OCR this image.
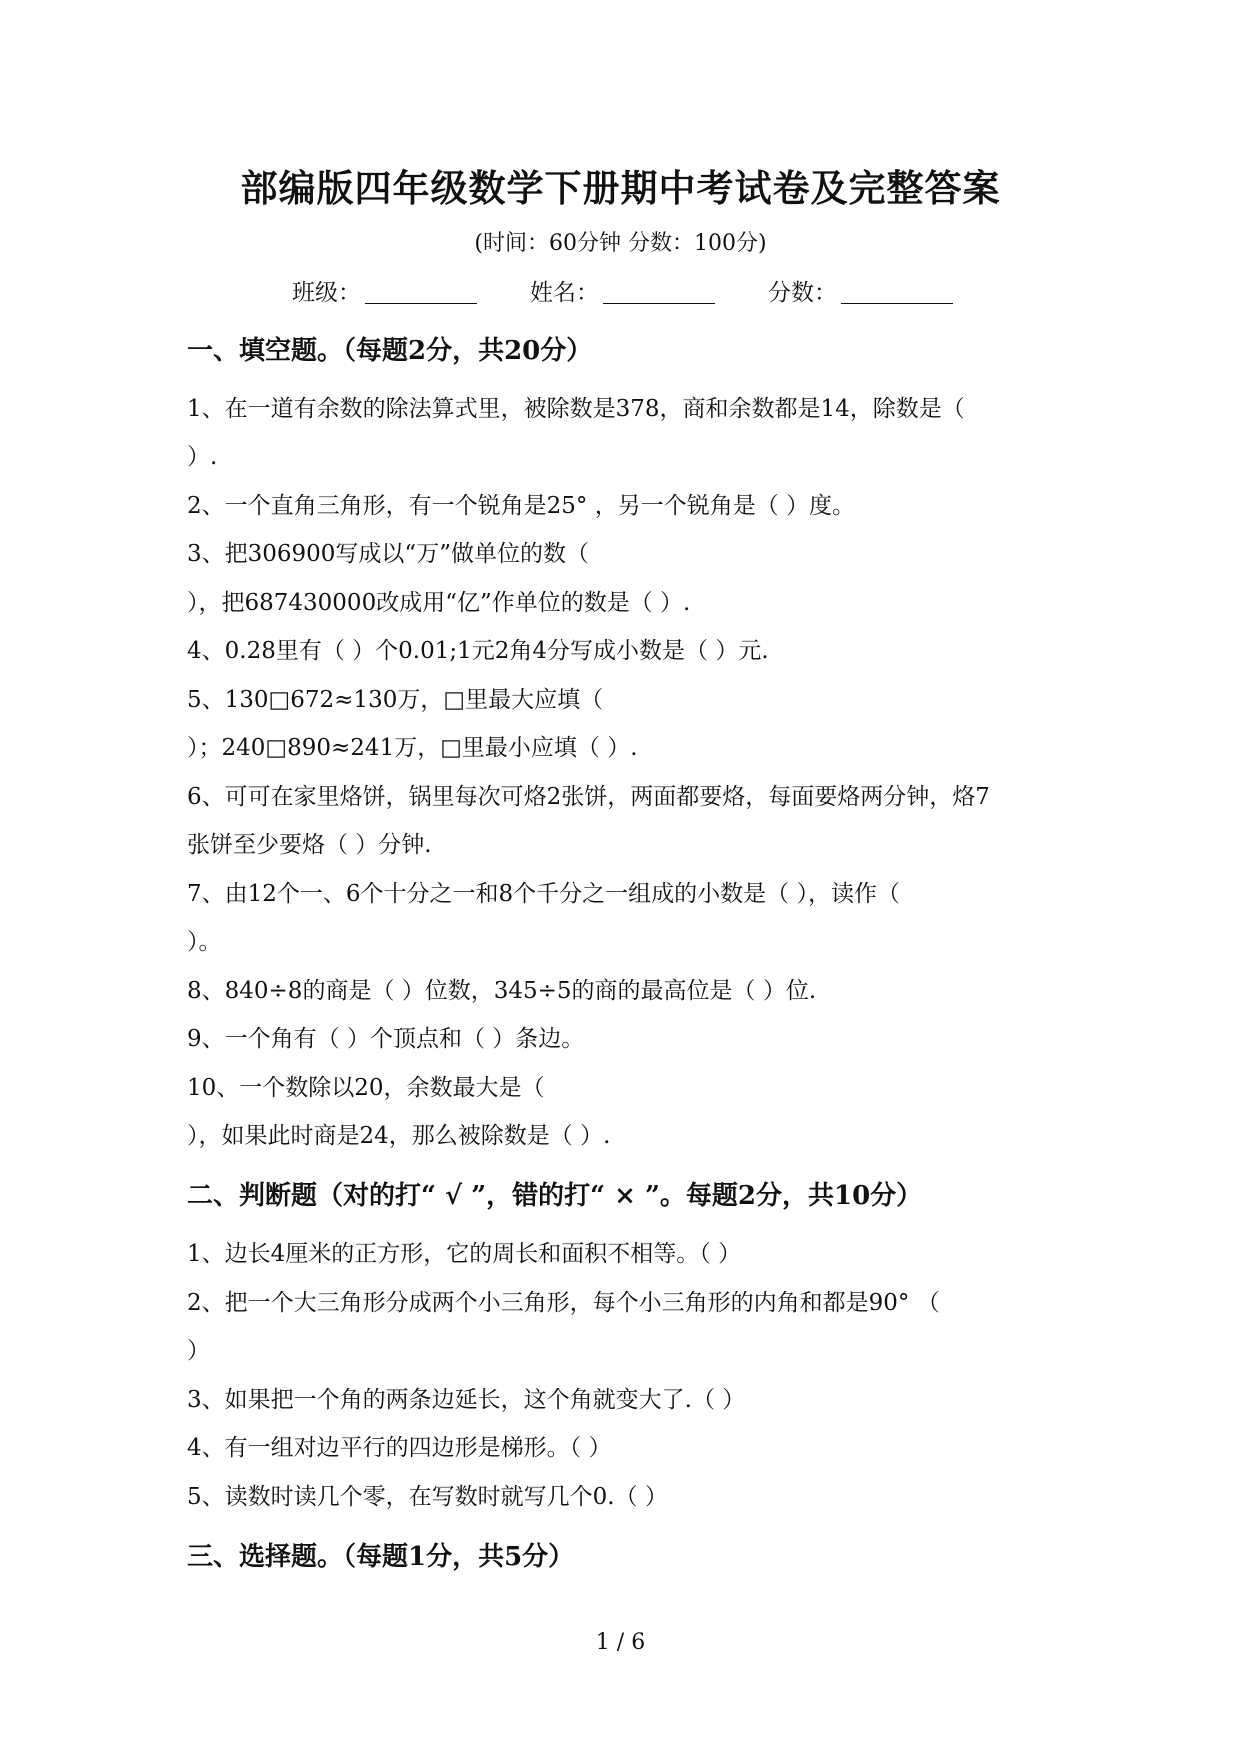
部编版四年级数学下册期中考试卷及完整答案
(时间：60分钟 分数：100分)
班级：	姓名：	分数：
一、填空题。（每题2分，共20分）
1、在一道有余数的除法算式里，被除数是378，商和余数都是14，除数是（
）.
2、一个直角三角形，有一个锐角是25° ，另一个锐角是（ ）度。
3、把306900写成以“万”做单位的数（
），把687430000改成用“亿”作单位的数是（ ）.
4、0.28里有（ ）个0.01;1元2角4分写成小数是（ ）元.
5、130□672≈130万，□里最大应填（
）；240□890≈241万，□里最小应填（ ）.
6、可可在家里烙饼，锅里每次可烙2张饼，两面都要烙，每面要烙两分钟，烙7
张饼至少要烙（ ）分钟.
7、由12个一、6个十分之一和8个千分之一组成的小数是（ ），读作（
）。
8、840÷8的商是（ ）位数，345÷5的商的最高位是（ ）位.
9、一个角有（ ）个顶点和（ ）条边。
10、一个数除以20，余数最大是（
），如果此时商是24，那么被除数是（ ）.
二、判断题（对的打“ √ ”，错的打“ × ”。每题2分，共10分）
1、边长4厘米的正方形，它的周长和面积不相等。（ ）
2、把一个大三角形分成两个小三角形，每个小三角形的内角和都是90° （
）
3、如果把一个角的两条边延长，这个角就变大了.（ ）
4、有一组对边平行的四边形是梯形。（ ）
5、读数时读几个零，在写数时就写几个0.（ ）
三、选择题。（每题1分，共5分）
1 / 6
